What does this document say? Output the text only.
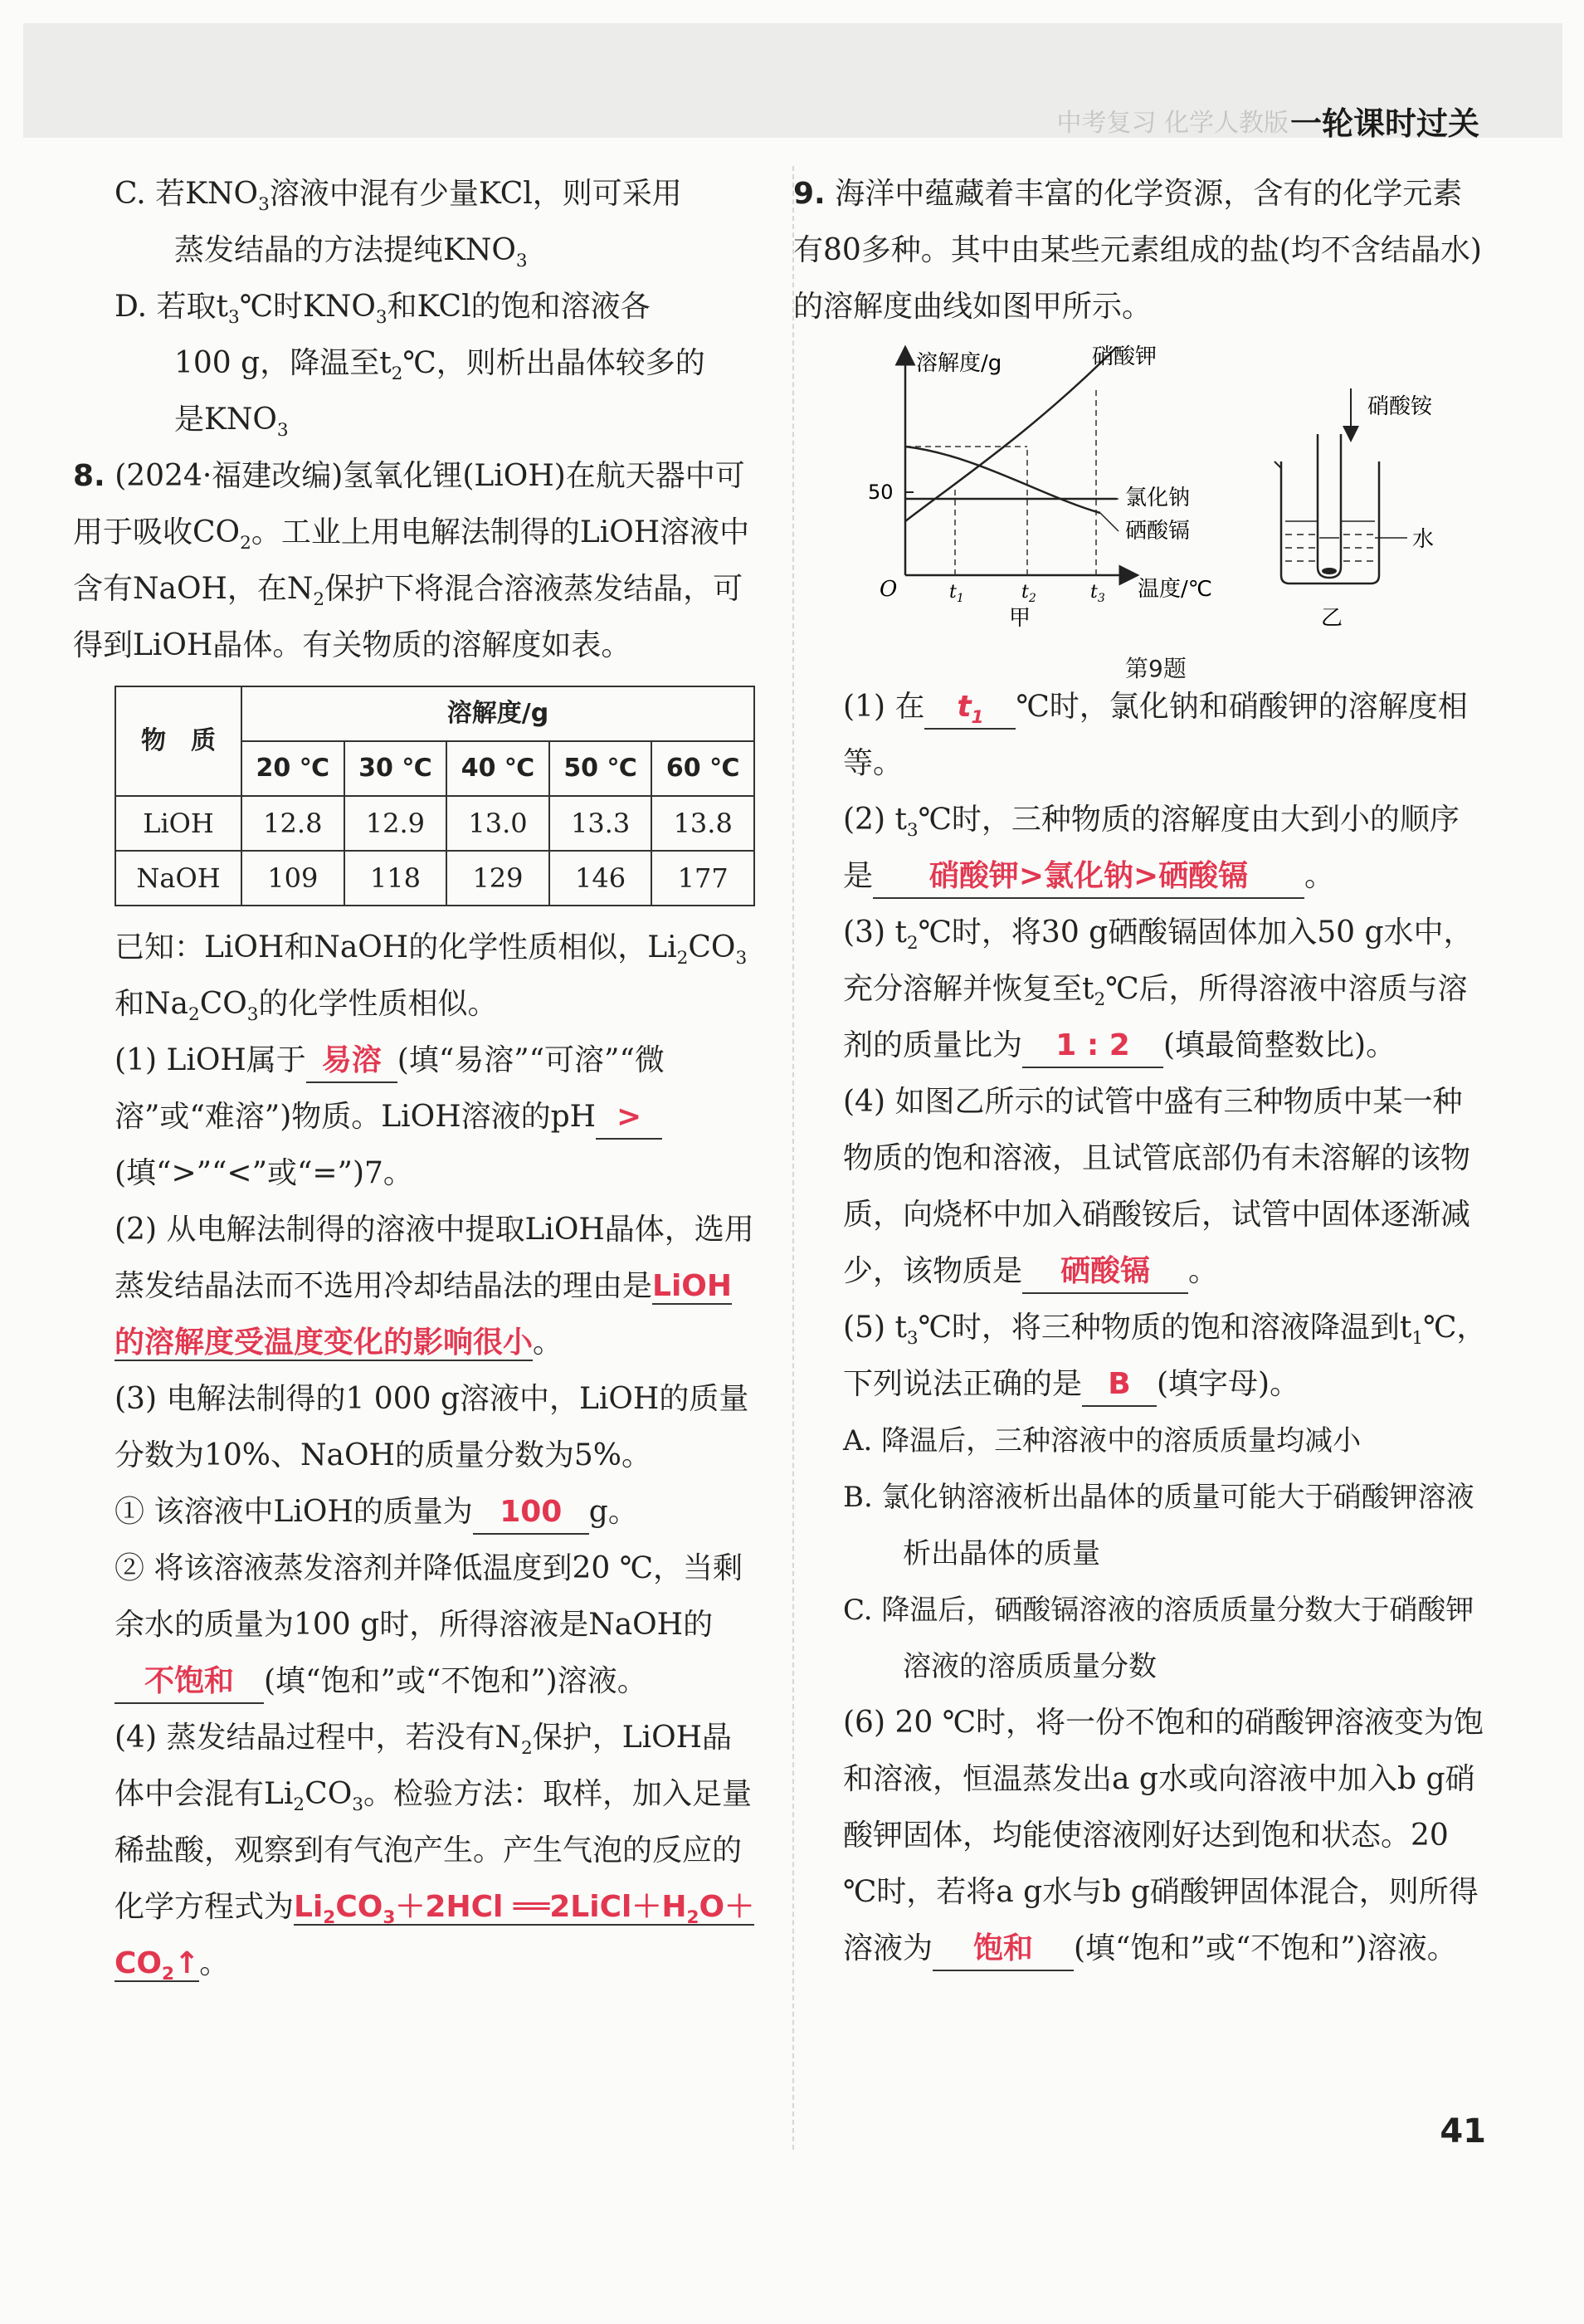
中考复习 化学人教版 一轮课时过关

C. 若$KNO_3$溶液中混有少量KCl，则可采用
蒸发结晶的方法提纯$KNO_3$

D. 若取$t_3℃$时$KNO_3$和KCl的饱和溶液各
100 g，降温至$t_2℃$，则析出晶体较多的
是$KNO_3$

8. (2024·福建改编)氢氧化锂(LiOH)在航天器中可用于吸收$CO_2$。工业上用电解法制得的LiOH溶液中含有NaOH，在$N_2$保护下将混合溶液蒸发结晶，可得到LiOH晶体。有关物质的溶解度如表。

物　质	溶解度/g				
	20 ℃	30 ℃	40 ℃	50 ℃	60 ℃
LiOH	12.8	12.9	13.0	13.3	13.8
NaOH	109	118	129	146	177

已知：LiOH和NaOH的化学性质相似，$Li_2CO_3$和$Na_2CO_3$的化学性质相似。

(1) LiOH属于 易溶 (填“易溶”“可溶”“微溶”或“难溶”)物质。LiOH溶液的pH >(填“>”“<”或“=”)7。

(2) 从电解法制得的溶液中提取LiOH晶体，选用蒸发结晶法而不选用冷却结晶法的理由是LiOH的溶解度受温度变化的影响很小。

(3) 电解法制得的1 000 g溶液中，LiOH的质量分数为10%、NaOH的质量分数为5%。

① 该溶液中LiOH的质量为 100 g。

② 将该溶液蒸发溶剂并降低温度到20 ℃，当剩余水的质量为100 g时，所得溶液是NaOH的不饱和 (填“饱和”或“不饱和”)溶液。

(4) 蒸发结晶过程中，若没有$N_2$保护，LiOH晶体中会混有$Li_2CO_3$。检验方法：取样，加入足量稀盐酸，观察到有气泡产生。产生气泡的反应的化学方程式为$Li_2CO_3+2HCl$ $══2LiCl+H_2O+CO_2↑$。

9. 海洋中蕴藏着丰富的化学资源，含有的化学元素有80多种。其中由某些元素组成的盐(均不含结晶水)的溶解度曲线如图甲所示。

溶解度/g
50
O	温度/℃
$t_1$	$t_2$	$t_3$
硝酸钾
氯化钠
硒酸镉
甲
硝酸铵
水
乙
第9题

(1) 在 $t_1$ ℃时，氯化钠和硝酸钾的溶解度相等。

(2) $t_3℃$时，三种物质的溶解度由大到小的顺序是 硝酸钾>氯化钠>硒酸镉 。

(3) $t_2℃$时，将30 g硒酸镉固体加入50 g水中，充分溶解并恢复至$t_2℃$后，所得溶液中溶质与溶剂的质量比为 1 : 2 (填最简整数比)。

(4) 如图乙所示的试管中盛有三种物质中某一种物质的饱和溶液，且试管底部仍有未溶解的该物质，向烧杯中加入硝酸铵后，试管中固体逐渐减少，该物质是 硒酸镉 。

(5) $t_3℃$时，将三种物质的饱和溶液降温到$t_1℃$，下列说法正确的是 B (填字母)。

A. 降温后，三种溶液中的溶质质量均减小

B. 氯化钠溶液析出晶体的质量可能大于硝酸钾溶液析出晶体的质量

C. 降温后，硒酸镉溶液的溶质质量分数大于硝酸钾溶液的溶质质量分数

(6) 20 ℃时，将一份不饱和的硝酸钾溶液变为饱和溶液，恒温蒸发出a g水或向溶液中加入b g硝酸钾固体，均能使溶液刚好达到饱和状态。20 ℃时，若将a g水与b g硝酸钾固体混合，则所得溶液为 饱和 (填“饱和”或“不饱和”)溶液。

41
